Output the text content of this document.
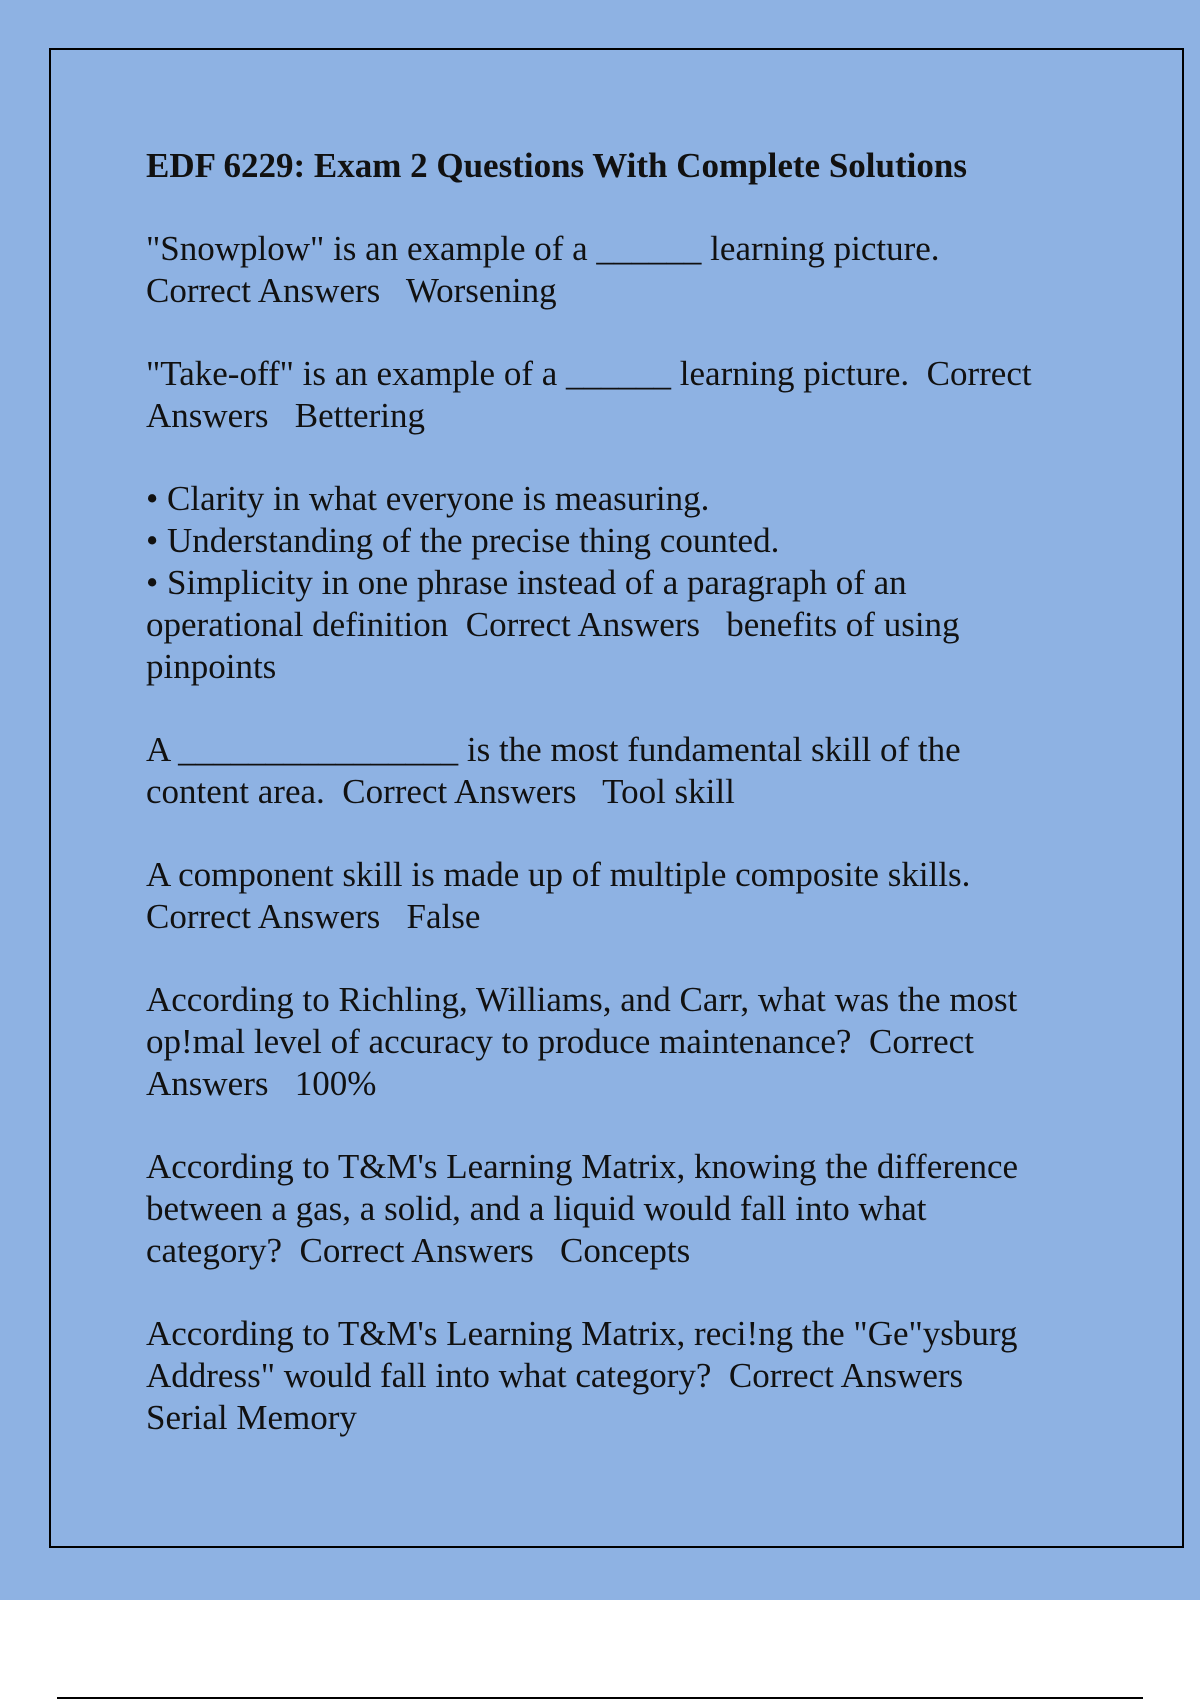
EDF 6229: Exam 2 Questions With Complete Solutions
"Snowplow" is an example of a ______ learning picture.
Correct Answers   Worsening
"Take-off" is an example of a ______ learning picture.  Correct
Answers   Bettering
• Clarity in what everyone is measuring.
• Understanding of the precise thing counted.
• Simplicity in one phrase instead of a paragraph of an
operational definition  Correct Answers   benefits of using
pinpoints
A ________________ is the most fundamental skill of the
content area.  Correct Answers   Tool skill
A component skill is made up of multiple composite skills.
Correct Answers   False
According to Richling, Williams, and Carr, what was the most
op!mal level of accuracy to produce maintenance?  Correct
Answers   100%
According to T&M's Learning Matrix, knowing the difference
between a gas, a solid, and a liquid would fall into what
category?  Correct Answers   Concepts
According to T&M's Learning Matrix, reci!ng the "Ge"ysburg
Address" would fall into what category?  Correct Answers
Serial Memory
